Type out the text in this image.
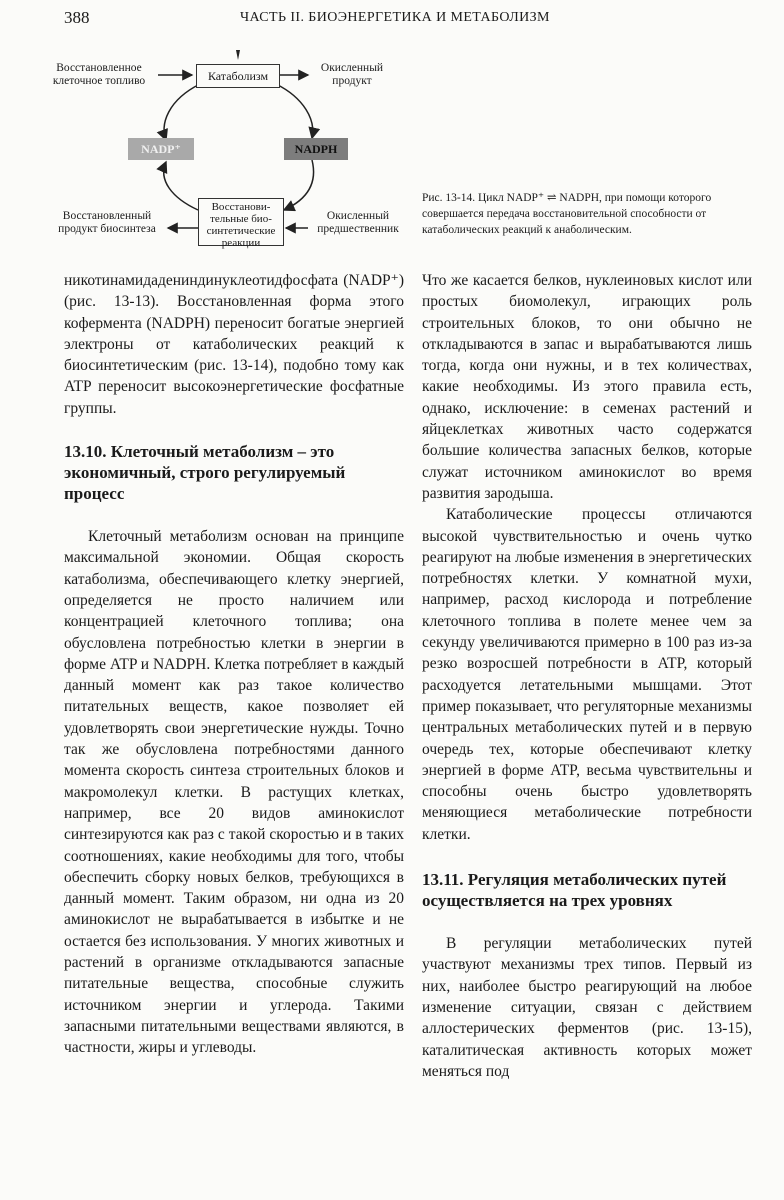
388	ЧАСТЬ II. БИОЭНЕРГЕТИКА И МЕТАБОЛИЗМ
Восстановленное клеточное топливо	Катаболизм
Окисленный продукт
NADP⁺	NADPH
Восстанови- тельные био- синтетические реакции
Восстановленный продукт биосинтеза
Окисленный предшественник
Рис. 13-14. Цикл NADP⁺ ⇌ NADPH, при помощи которого совершается передача восстановительной способности от катаболических реакций к анаболическим.

никотинамидадениндинуклеотидфосфата (NADP⁺) (рис. 13-13). Восстановленная форма этого кофермента (NADPH) переносит богатые энергией электроны от катаболических реакций к биосинтетическим (рис. 13-14), подобно тому как ATP переносит высокоэнергетические фосфатные группы.

13.10. Клеточный метаболизм – это экономичный, строго регулируемый процесс

Клеточный метаболизм основан на принципе максимальной экономии. Общая скорость катаболизма, обеспечивающего клетку энергией, определяется не просто наличием или концентрацией клеточного топлива; она обусловлена потребностью клетки в энергии в форме ATP и NADPH. Клетка потребляет в каждый данный момент как раз такое количество питательных веществ, какое позволяет ей удовлетворять свои энергетические нужды. Точно так же обусловлена потребностями данного момента скорость синтеза строительных блоков и макромолекул клетки. В растущих клетках, например, все 20 видов аминокислот синтезируются как раз с такой скоростью и в таких соотношениях, какие необходимы для того, чтобы обеспечить сборку новых белков, требующихся в данный момент. Таким образом, ни одна из 20 аминокислот не вырабатывается в избытке и не остается без использования. У многих животных и растений в организме откладываются запасные питательные вещества, способные служить источником энергии и углерода. Такими запасными питательными веществами являются, в частности, жиры и углеводы.

Что же касается белков, нуклеиновых кислот или простых биомолекул, играющих роль строительных блоков, то они обычно не откладываются в запас и вырабатываются лишь тогда, когда они нужны, и в тех количествах, какие необходимы. Из этого правила есть, однако, исключение: в семенах растений и яйцеклетках животных часто содержатся большие количества запасных белков, которые служат источником аминокислот во время развития зародыша.

Катаболические процессы отличаются высокой чувствительностью и очень чутко реагируют на любые изменения в энергетических потребностях клетки. У комнатной мухи, например, расход кислорода и потребление клеточного топлива в полете менее чем за секунду увеличиваются примерно в 100 раз из-за резко возросшей потребности в ATP, который расходуется летательными мышцами. Этот пример показывает, что регуляторные механизмы центральных метаболических путей и в первую очередь тех, которые обеспечивают клетку энергией в форме ATP, весьма чувствительны и способны очень быстро удовлетворять меняющиеся метаболические потребности клетки.

13.11. Регуляция метаболических путей осуществляется на трех уровнях

В регуляции метаболических путей участвуют механизмы трех типов. Первый из них, наиболее быстро реагирующий на любое изменение ситуации, связан с действием аллостерических ферментов (рис. 13-15), каталитическая активность которых может меняться под
